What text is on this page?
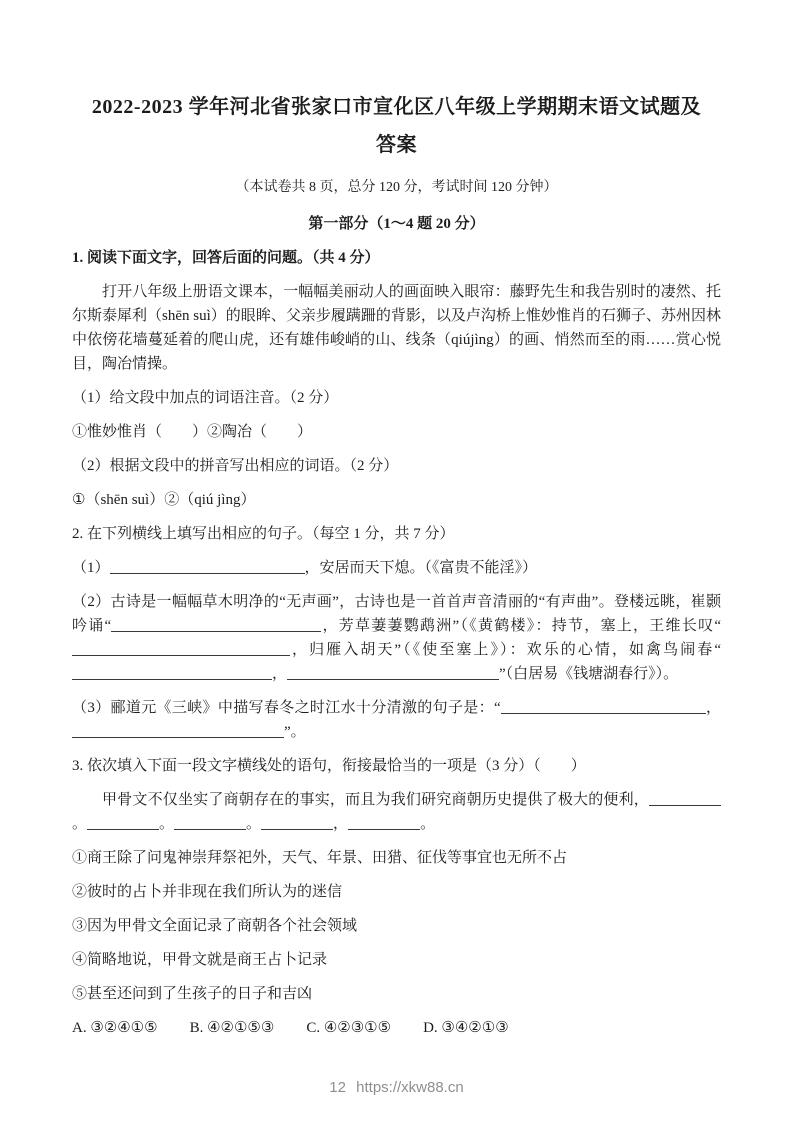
2022-2023 学年河北省张家口市宣化区八年级上学期期末语文试题及
答案

（本试卷共 8 页，总分 120 分，考试时间 120 分钟）

第一部分（1～4 题 20 分）

1. 阅读下面文字，回答后面的问题。（共 4 分）

打开八年级上册语文课本，一幅幅美丽动人的画面映入眼帘：藤野先生和我告别时的凄然、托尔斯泰犀利（shēn suì）的眼眸、父亲步履蹒跚的背影，以及卢沟桥上惟妙惟肖的石狮子、苏州因林中依傍花墙蔓延着的爬山虎，还有雄伟峻峭的山、线条（qiújìng）的画、悄然而至的雨……赏心悦目，陶冶情操。

（1）给文段中加点的词语注音。（2 分）

①惟妙惟肖（　　）②陶冶（　　）

（2）根据文段中的拼音写出相应的词语。（2 分）

①（shēn suì）②（qiú jìng）

2. 在下列横线上填写出相应的句子。（每空 1 分，共 7 分）

（1）	，安居而天下熄。（《富贵不能淫》）

（2）古诗是一幅幅草木明净的“无声画”，古诗也是一首首声音清丽的“有声曲”。登楼远眺，崔颢吟诵“	，芳草萋萋鹦鹉洲”（《黄鹤楼》：持节，塞上，王维长叹“，归雁入胡天”（《使至塞上》）：欢乐的心情，如禽鸟闹春“，	”（白居易《钱塘湖春行》）。

（3）郦道元《三峡》中描写春冬之时江水十分清激的句子是：“	，”。

3. 依次填入下面一段文字横线处的语句，衔接最恰当的一项是（3 分）（　　）

甲骨文不仅坐实了商朝存在的事实，而且为我们研究商朝历史提供了极大的便利，。	。	。	，	。

①商王除了问鬼神崇拜祭祀外，天气、年景、田猎、征伐等事宜也无所不占

②彼时的占卜并非现在我们所认为的迷信

③因为甲骨文全面记录了商朝各个社会领域

④简略地说，甲骨文就是商王占卜记录

⑤甚至还问到了生孩子的日子和吉凶

A. ③②④①⑤ B. ④②①⑤③ C. ④②③①⑤ D. ③④②①③

12 https://xkw88.cn
